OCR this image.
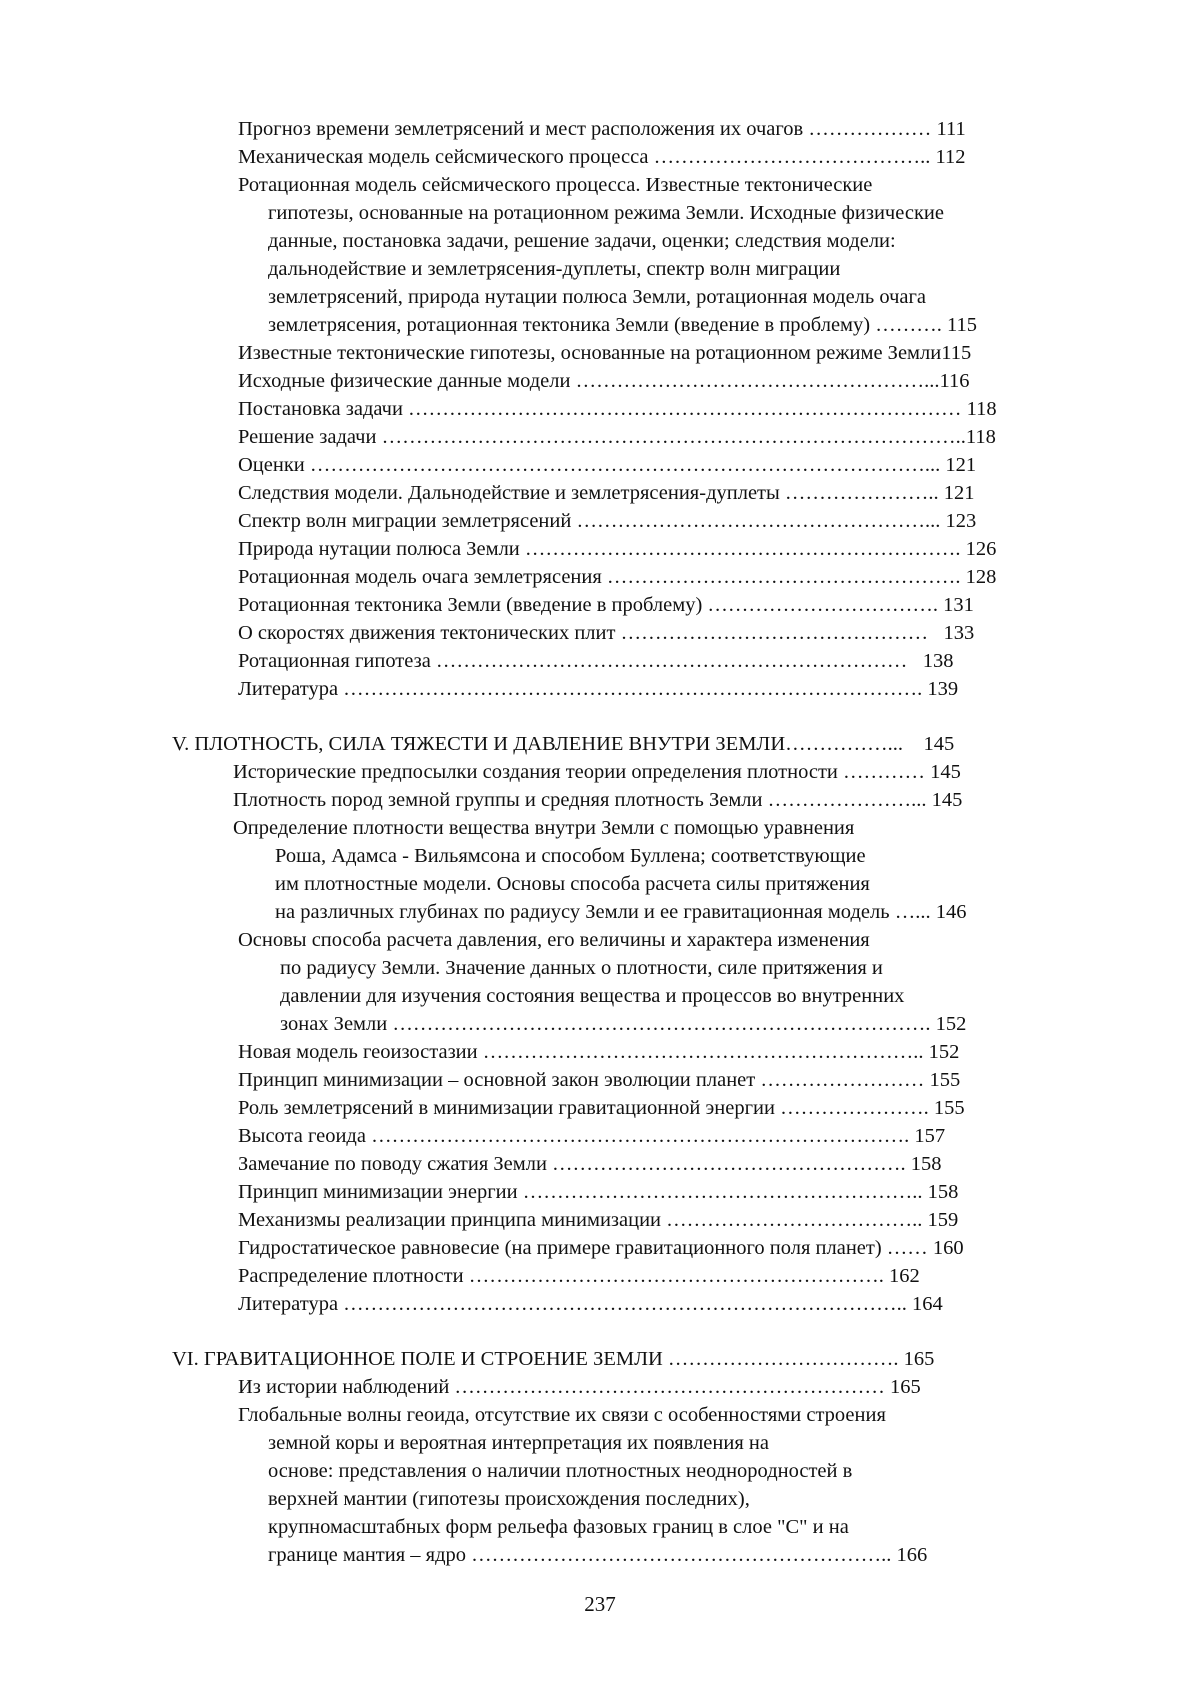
Прогноз времени землетрясений и мест расположения их очагов ……………… 111
Механическая модель сейсмического процесса ………………………………….. 112
Ротационная модель сейсмического процесса. Известные тектонические
гипотезы, основанные на ротационном режима Земли. Исходные физические
данные, постановка задачи, решение задачи, оценки; следствия модели:
дальнодействие и землетрясения-дуплеты, спектр волн миграции
землетрясений, природа нутации полюса Земли, ротационная модель очага
землетрясения, ротационная тектоника Земли (введение в проблему) ………. 115
Известные тектонические гипотезы, основанные на ротационном режиме Земли115
Исходные физические данные модели ……………………………………………...116
Постановка задачи ……………………………………………………………………… 118
Решение задачи …………………………………………………………………………..118
Оценки ………………………………………………………………………………... 121
Следствия модели. Дальнодействие и землетрясения-дуплеты ………………….. 121
Спектр волн миграции землетрясений ……………………………………………... 123
Природа нутации полюса Земли ………………………………………………………. 126
Ротационная модель очага землетрясения ……………………………………………. 128
Ротационная тектоника Земли (введение в проблему) ……………………………. 131
О скоростях движения тектонических плит ………………………………………   133
Ротационная гипотеза ……………………………………………………………   138
Литература …………………………………………………………………………. 139
V. ПЛОТНОСТЬ, СИЛА ТЯЖЕСТИ И ДАВЛЕНИЕ ВНУТРИ ЗЕМЛИ……………...    145
Исторические предпосылки создания теории определения плотности ………… 145
Плотность пород земной группы и средняя плотность Земли …………………... 145
Определение плотности вещества внутри Земли с помощью уравнения
Роша, Адамса - Вильямсона и способом Буллена; соответствующие
им плотностные модели. Основы способа расчета силы притяжения
на различных глубинах по радиусу Земли и ее гравитационная модель …... 146
Основы способа расчета давления, его величины и характера изменения
по радиусу Земли. Значение данных о плотности, силе притяжения и
давлении для изучения состояния вещества и процессов во внутренних
зонах Земли ……………………………………………………………………. 152
Новая модель геоизостазии ……………………………………………………….. 152
Принцип минимизации – основной закон эволюции планет …………………… 155
Роль землетрясений в минимизации гравитационной энергии …………………. 155
Высота геоида ……………………………………………………………………. 157
Замечание по поводу сжатия Земли ……………………………………………. 158
Принцип минимизации энергии ………………………………………………….. 158
Механизмы реализации принципа минимизации ……………………………….. 159
Гидростатическое равновесие (на примере гравитационного поля планет) …… 160
Распределение плотности ……………………………………………………. 162
Литература ……………………………………………………………………….. 164
VI. ГРАВИТАЦИОННОЕ ПОЛЕ И СТРОЕНИЕ ЗЕМЛИ ……………………………. 165
Из истории наблюдений ……………………………………………………… 165
Глобальные волны геоида, отсутствие их связи с особенностями строения
земной коры и вероятная интерпретация их появления на
основе: представления о наличии плотностных неоднородностей в
верхней мантии (гипотезы происхождения последних),
крупномасштабных форм рельефа фазовых границ в слое "C" и на
границе мантия – ядро …………………………………………………….. 166
237
